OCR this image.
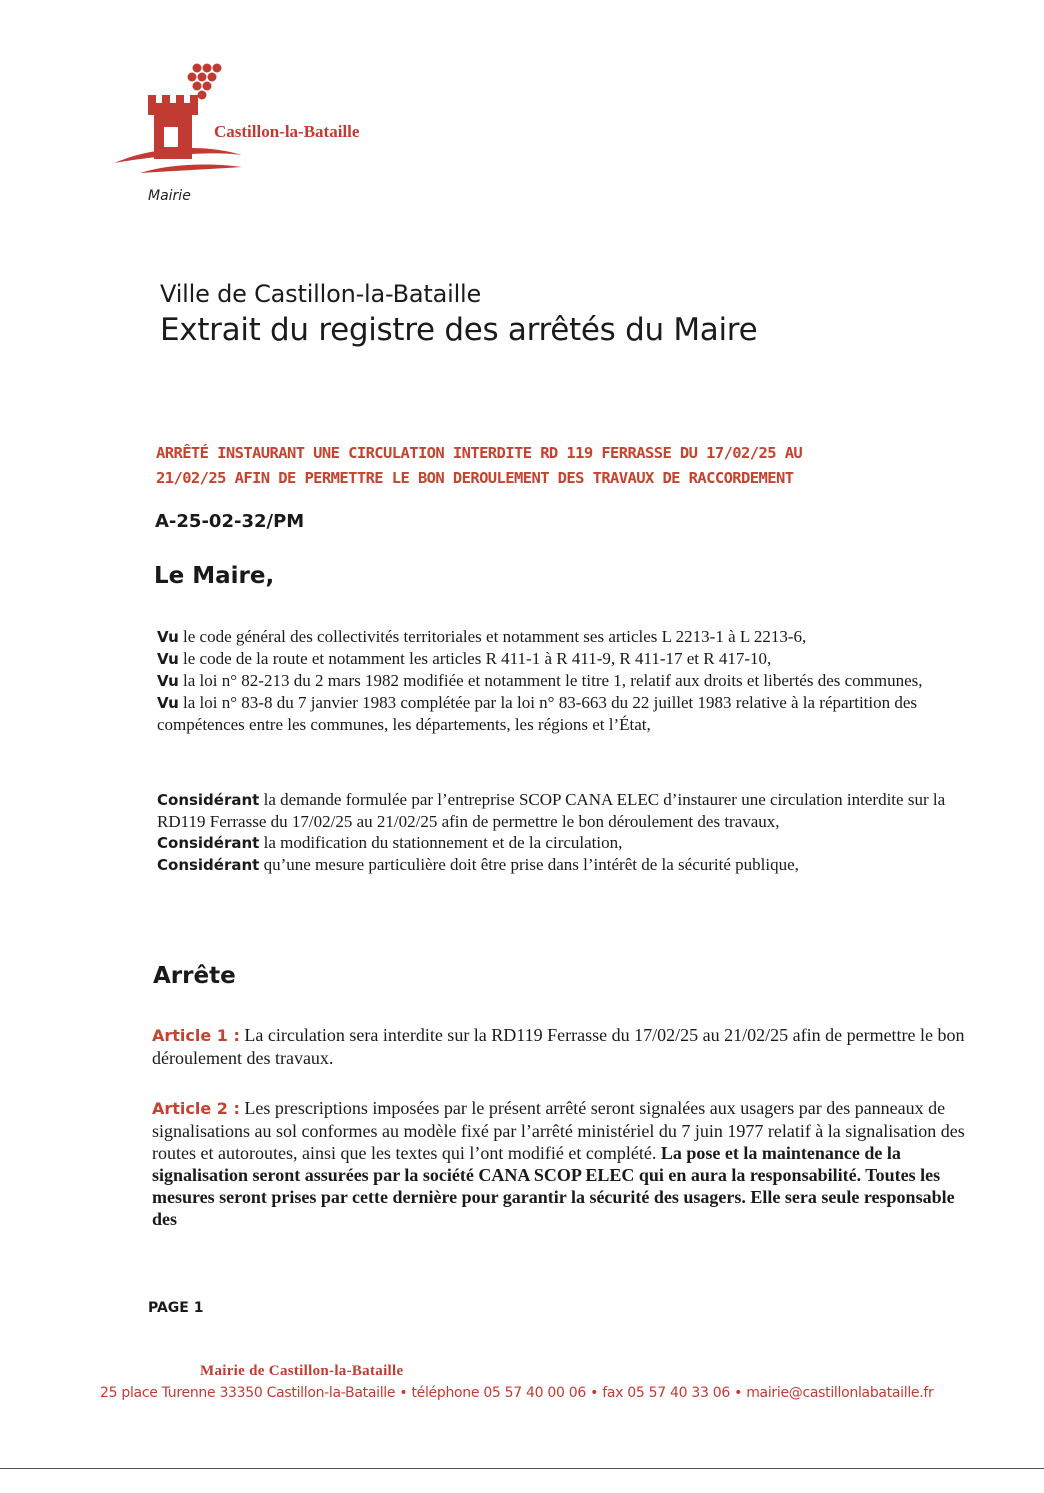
Castillon-la-Bataille
Mairie
Ville de Castillon-la-Bataille
Extrait du registre des arrêtés du Maire
ARRÊTÉ INSTAURANT UNE CIRCULATION INTERDITE RD 119 FERRASSE DU 17/02/25 AU
21/02/25 AFIN DE PERMETTRE LE BON DEROULEMENT DES TRAVAUX DE RACCORDEMENT
A-25-02-32/PM
Le Maire,
Vu le code général des collectivités territoriales et notamment ses articles L 2213-1 à L 2213-6,
Vu le code de la route et notamment les articles R 411-1 à R 411-9, R 411-17 et R 417-10,
Vu la loi n° 82-213 du 2 mars 1982 modifiée et notamment le titre 1, relatif aux droits et libertés des communes,
Vu la loi n° 83-8 du 7 janvier 1983 complétée par la loi n° 83-663 du 22 juillet 1983 relative à la répartition des compétences entre les communes, les départements, les régions et l’État,
Considérant la demande formulée par l’entreprise SCOP CANA ELEC d’instaurer une circulation interdite sur la RD119 Ferrasse du 17/02/25 au 21/02/25 afin de permettre le bon déroulement des travaux,
Considérant la modification du stationnement et de la circulation,
Considérant qu’une mesure particulière doit être prise dans l’intérêt de la sécurité publique,
Arrête
Article 1 : La circulation sera interdite sur la RD119 Ferrasse du 17/02/25 au 21/02/25 afin de permettre le bon déroulement des travaux.
Article 2 : Les prescriptions imposées par le présent arrêté seront signalées aux usagers par des panneaux de signalisations au sol conformes au modèle fixé par l’arrêté ministériel du 7 juin 1977 relatif à la signalisation des routes et autoroutes, ainsi que les textes qui l’ont modifié et complété. La pose et la maintenance de la signalisation seront assurées par la société CANA SCOP ELEC qui en aura la responsabilité. Toutes les mesures seront prises par cette dernière pour garantir la sécurité des usagers. Elle sera seule responsable des
PAGE 1
Mairie de Castillon-la-Bataille
25 place Turenne 33350 Castillon-la-Bataille • téléphone 05 57 40 00 06 • fax 05 57 40 33 06 • mairie@castillonlabataille.fr
